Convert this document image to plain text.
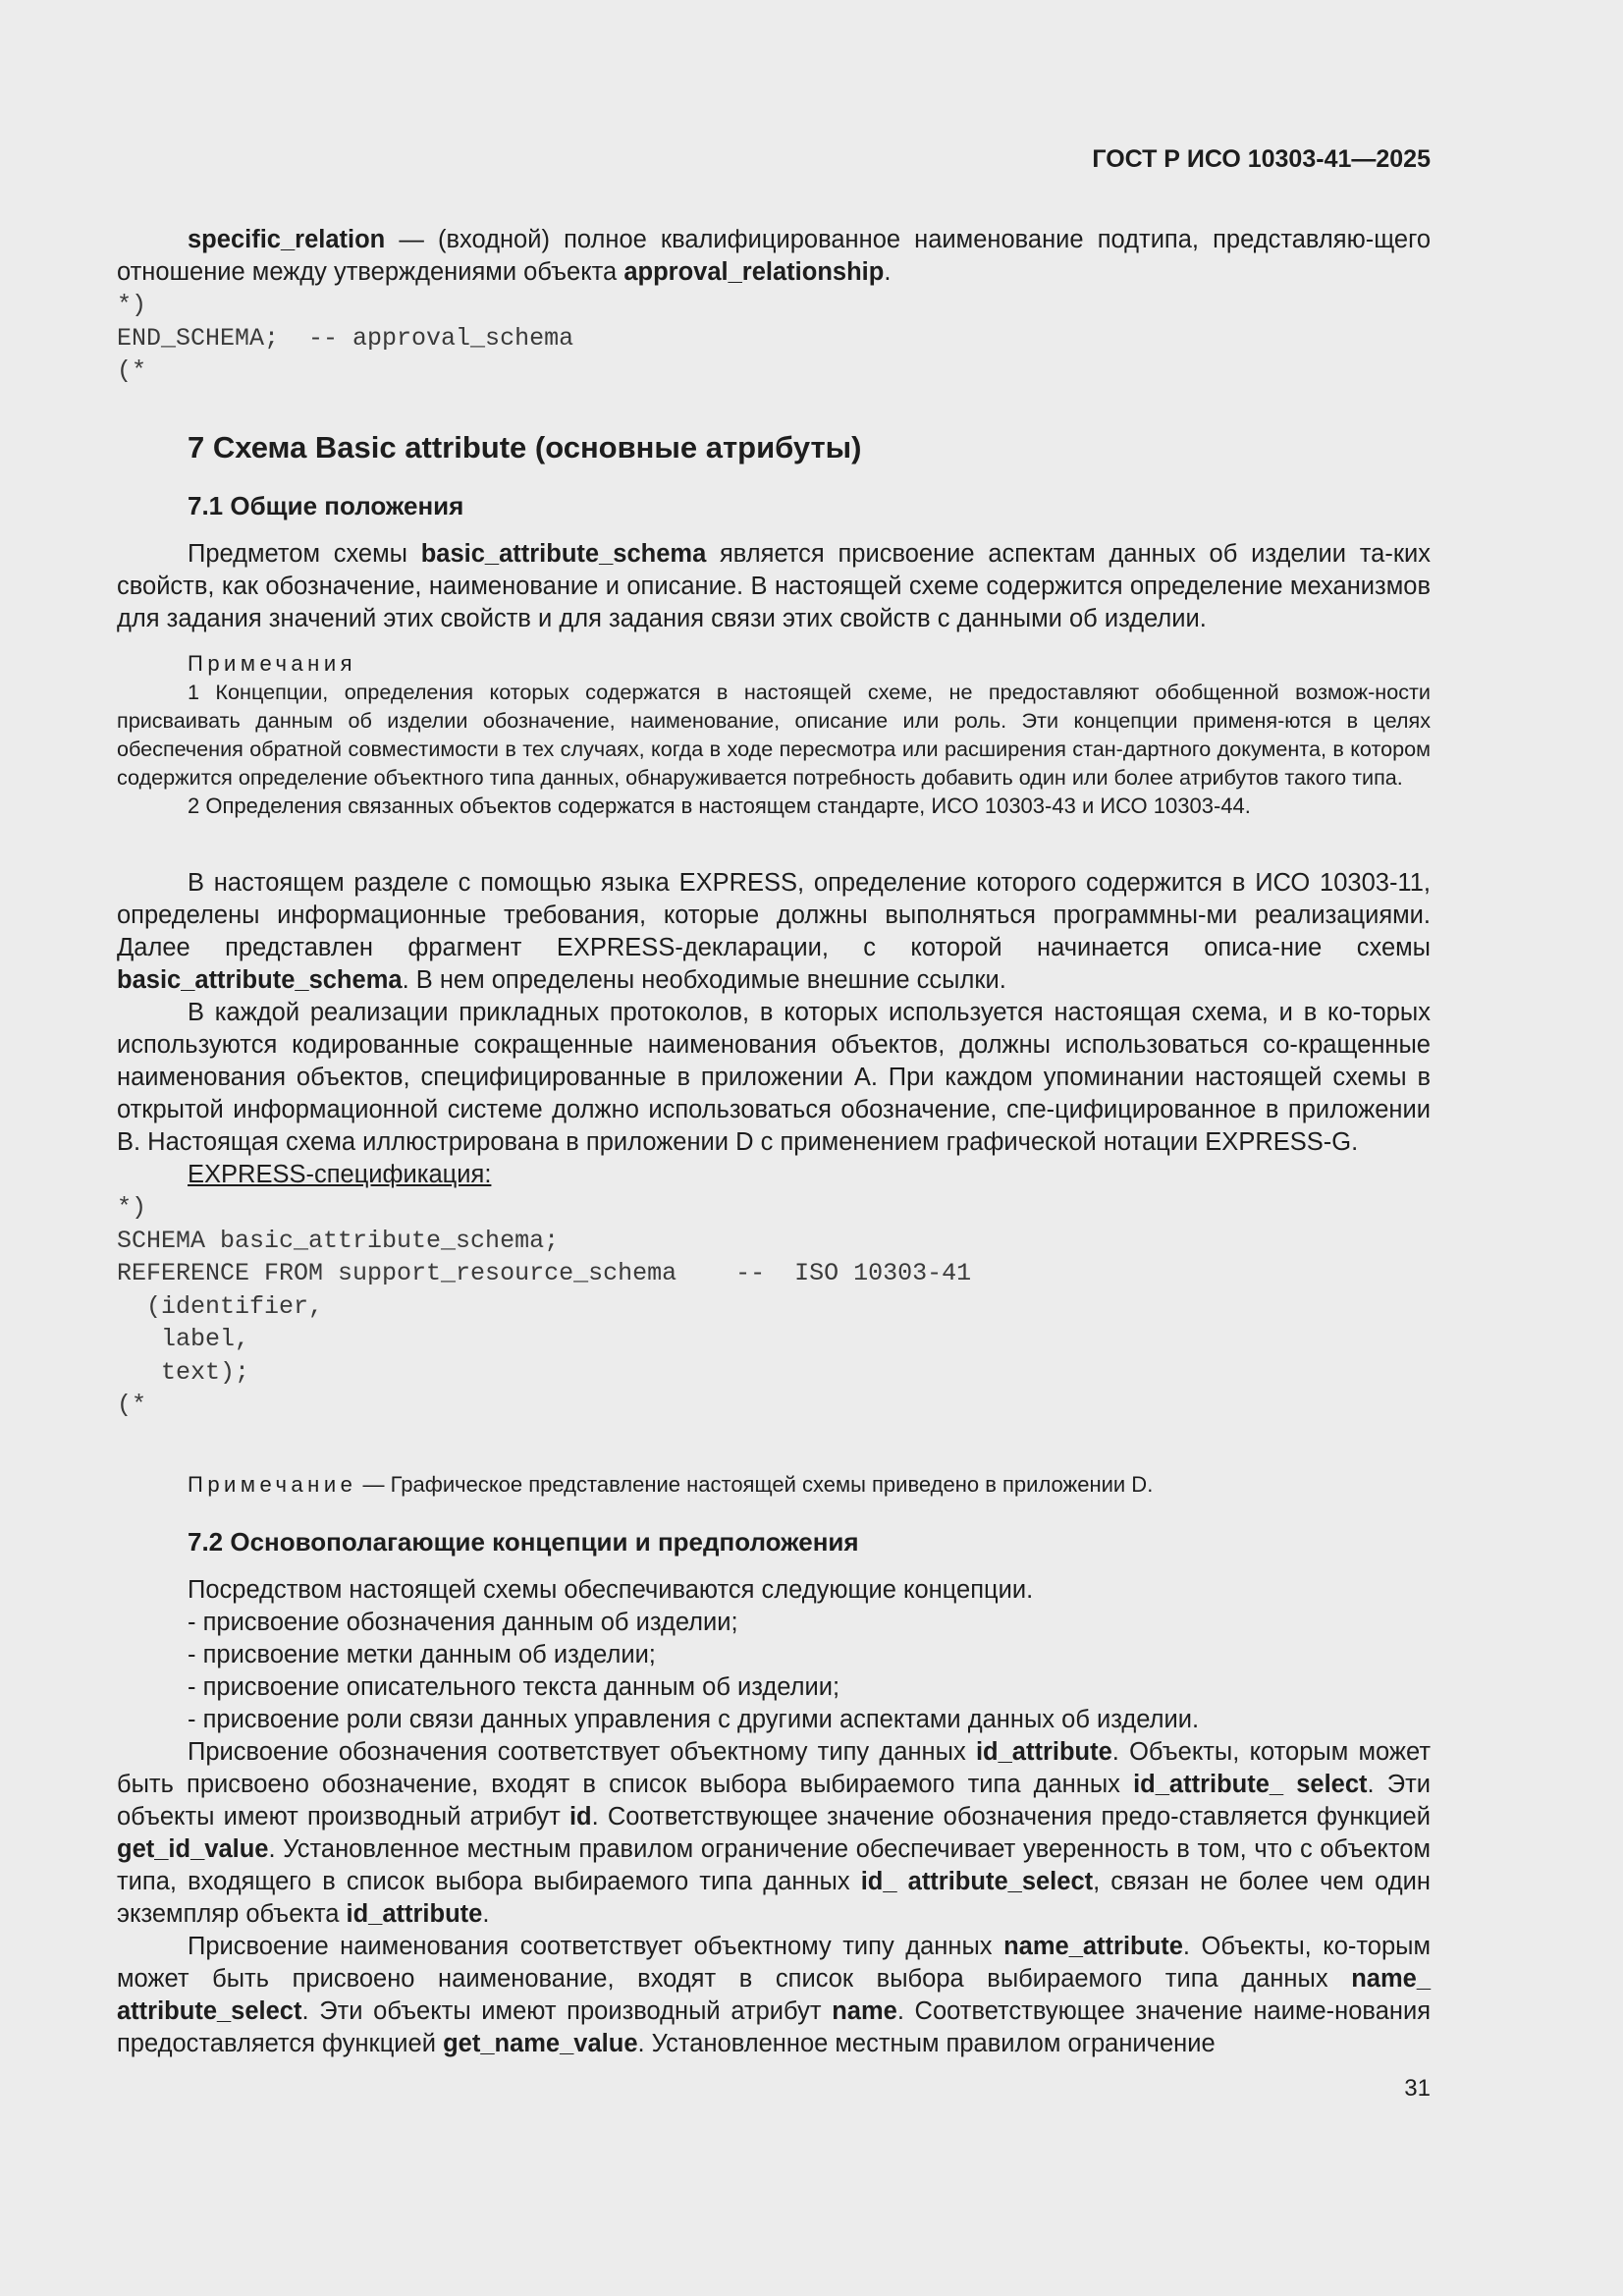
ГОСТ Р ИСО 10303-41—2025

specific_relation — (входной) полное квалифицированное наименование подтипа, представляю-щего отношение между утверждениями объекта approval_relationship.

*)
END_SCHEMA;  -- approval_schema
(*
7 Схема Basic attribute (основные атрибуты)
7.1 Общие положения

Предметом схемы basic_attribute_schema является присвоение аспектам данных об изделии та-ких свойств, как обозначение, наименование и описание. В настоящей схеме содержится определение механизмов для задания значений этих свойств и для задания связи этих свойств с данными об изделии.

Примечания

1 Концепции, определения которых содержатся в настоящей схеме, не предоставляют обобщенной возмож-ности присваивать данным об изделии обозначение, наименование, описание или роль. Эти концепции применя-ются в целях обеспечения обратной совместимости в тех случаях, когда в ходе пересмотра или расширения стан-дартного документа, в котором содержится определение объектного типа данных, обнаруживается потребность добавить один или более атрибутов такого типа.

2 Определения связанных объектов содержатся в настоящем стандарте, ИСО 10303-43 и ИСО 10303-44.

В настоящем разделе с помощью языка EXPRESS, определение которого содержится в ИСО 10303-11, определены информационные требования, которые должны выполняться программны-ми реализациями. Далее представлен фрагмент EXPRESS-декларации, с которой начинается описа-ние схемы basic_attribute_schema. В нем определены необходимые внешние ссылки.

В каждой реализации прикладных протоколов, в которых используется настоящая схема, и в ко-торых используются кодированные сокращенные наименования объектов, должны использоваться со-кращенные наименования объектов, специфицированные в приложении А. При каждом упоминании настоящей схемы в открытой информационной системе должно использоваться обозначение, спе-цифицированное в приложении В. Настоящая схема иллюстрирована в приложении D с применением графической нотации EXPRESS-G.

EXPRESS-спецификация:
*)
SCHEMA basic_attribute_schema;
REFERENCE FROM support_resource_schema    --  ISO 10303-41
(identifier,
label,
text);
(*
Примечание — Графическое представление настоящей схемы приведено в приложении D.
7.2 Основополагающие концепции и предположения
Посредством настоящей схемы обеспечиваются следующие концепции.
- присвоение обозначения данным об изделии;
- присвоение метки данным об изделии;
- присвоение описательного текста данным об изделии;
- присвоение роли связи данных управления с другими аспектами данных об изделии.

Присвоение обозначения соответствует объектному типу данных id_attribute. Объекты, которым может быть присвоено обозначение, входят в список выбора выбираемого типа данных id_attribute_ select. Эти объекты имеют производный атрибут id. Соответствующее значение обозначения предо-ставляется функцией get_id_value. Установленное местным правилом ограничение обеспечивает уверенность в том, что с объектом типа, входящего в список выбора выбираемого типа данных id_ attribute_select, связан не более чем один экземпляр объекта id_attribute.

Присвоение наименования соответствует объектному типу данных name_attribute. Объекты, ко-торым может быть присвоено наименование, входят в список выбора выбираемого типа данных name_ attribute_select. Эти объекты имеют производный атрибут name. Соответствующее значение наиме-нования предоставляется функцией get_name_value. Установленное местным правилом ограничение

31
